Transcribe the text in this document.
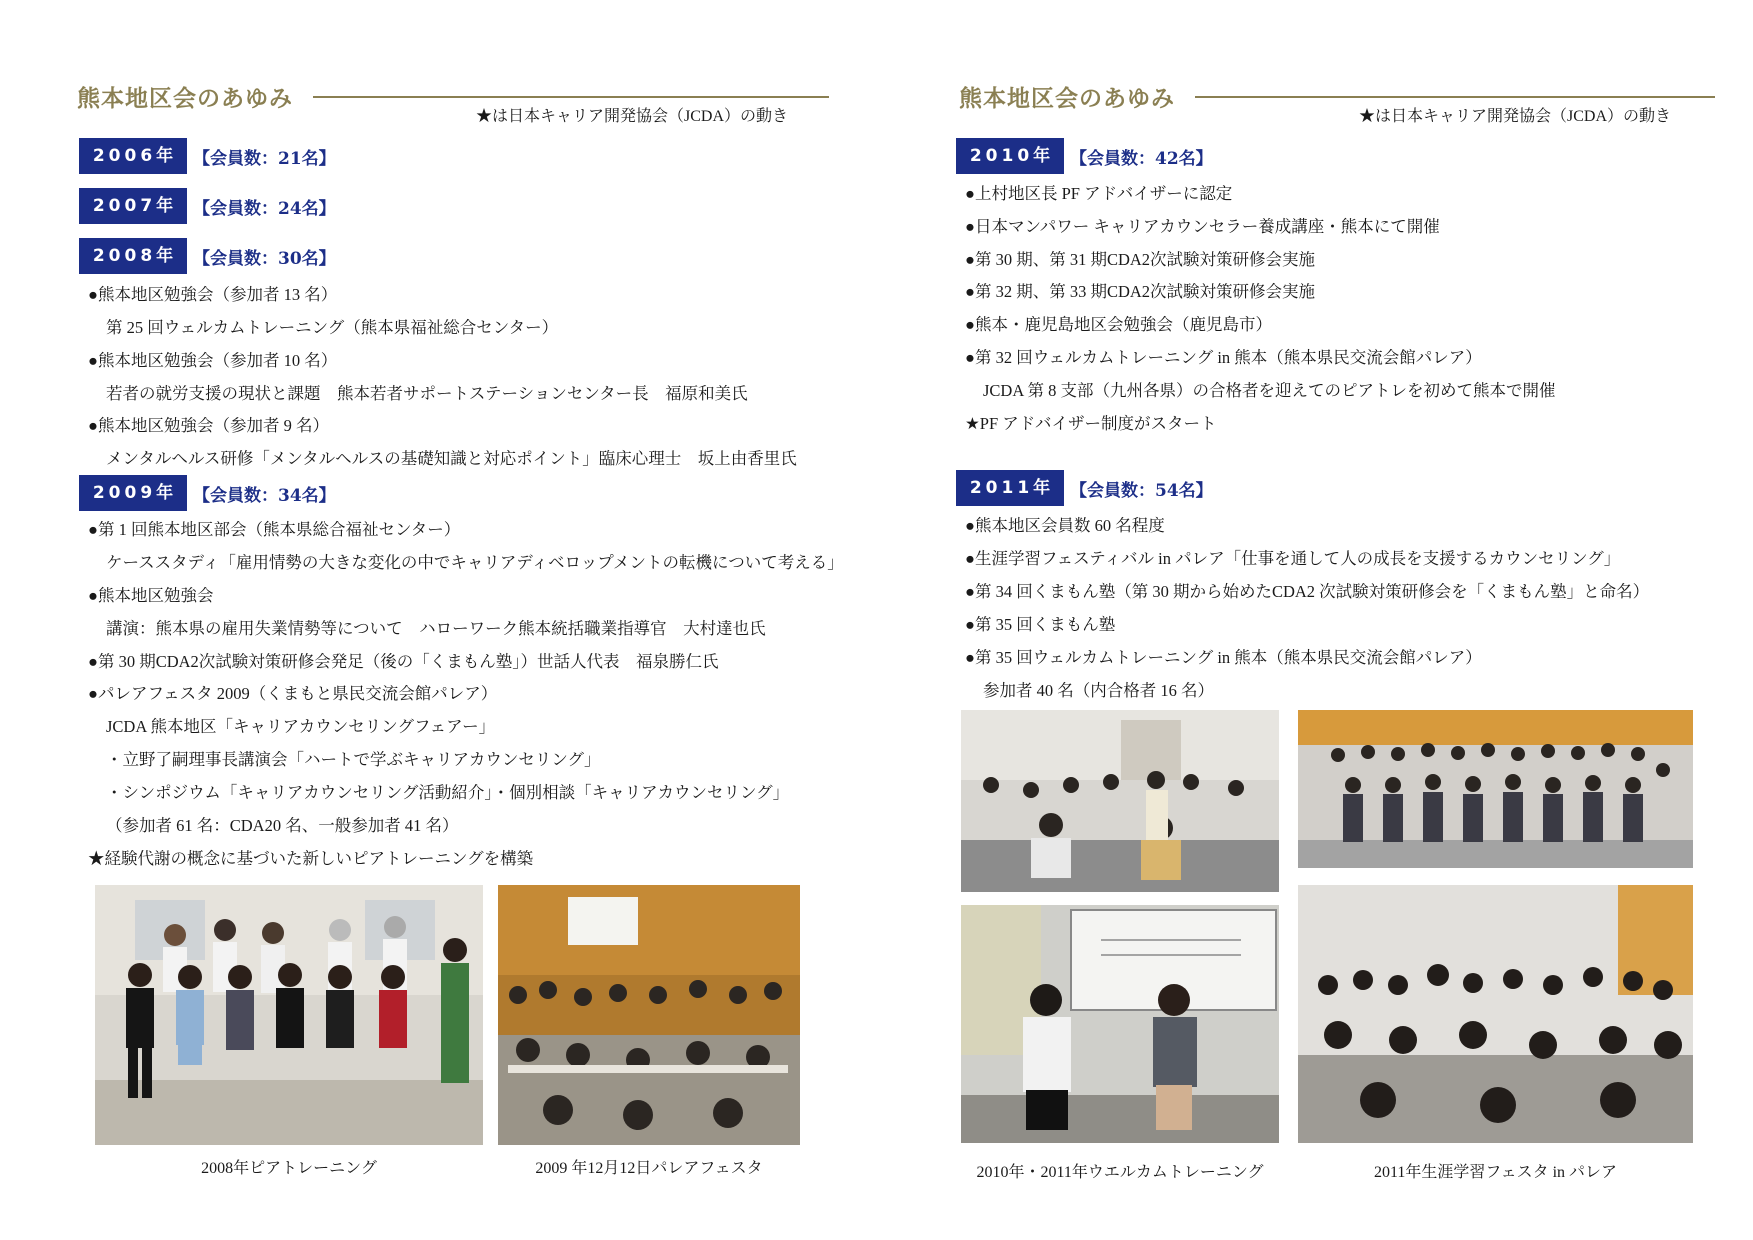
熊本地区会のあゆみ
★は日本キャリア開発協会（JCDA）の動き
2006年 【会員数：21名】
2007年 【会員数：24名】
2008年 【会員数：30名】
●熊本地区勉強会（参加者 13 名）
第 25 回ウェルカムトレーニング（熊本県福祉総合センター）
●熊本地区勉強会（参加者 10 名）
若者の就労支援の現状と課題　熊本若者サポートステーションセンター長　福原和美氏
●熊本地区勉強会（参加者 9 名）
メンタルヘルス研修「メンタルヘルスの基礎知識と対応ポイント」臨床心理士　坂上由香里氏
2009年 【会員数：34名】
●第 1 回熊本地区部会（熊本県総合福祉センター）
ケーススタディ「雇用情勢の大きな変化の中でキャリアディベロップメントの転機について考える」
●熊本地区勉強会
講演：熊本県の雇用失業情勢等について　ハローワーク熊本統括職業指導官　大村達也氏
●第 30 期CDA2次試験対策研修会発足（後の「くまもん塾」）世話人代表　福泉勝仁氏
●パレアフェスタ 2009（くまもと県民交流会館パレア）
JCDA 熊本地区「キャリアカウンセリングフェアー」
・立野了嗣理事長講演会「ハートで学ぶキャリアカウンセリング」
・シンポジウム「キャリアカウンセリング活動紹介」・個別相談「キャリアカウンセリング」
（参加者 61 名：CDA20 名、一般参加者 41 名）
★経験代謝の概念に基づいた新しいピアトレーニングを構築
2008年ピアトレーニング	2009 年12月12日パレアフェスタ
熊本地区会のあゆみ
★は日本キャリア開発協会（JCDA）の動き
2010年 【会員数：42名】
●上村地区長 PF アドバイザーに認定
●日本マンパワー キャリアカウンセラー養成講座・熊本にて開催
●第 30 期、第 31 期CDA2次試験対策研修会実施
●第 32 期、第 33 期CDA2次試験対策研修会実施
●熊本・鹿児島地区会勉強会（鹿児島市）
●第 32 回ウェルカムトレーニング in 熊本（熊本県民交流会館パレア）
JCDA 第 8 支部（九州各県）の合格者を迎えてのピアトレを初めて熊本で開催
★PF アドバイザー制度がスタート
2011年 【会員数：54名】
●熊本地区会員数 60 名程度
●生涯学習フェスティバル in パレア「仕事を通して人の成長を支援するカウンセリング」
●第 34 回くまもん塾（第 30 期から始めたCDA2 次試験対策研修会を「くまもん塾」と命名）
●第 35 回くまもん塾
●第 35 回ウェルカムトレーニング in 熊本（熊本県民交流会館パレア）
参加者 40 名（内合格者 16 名）
2010年・2011年ウエルカムトレーニング	2011年生涯学習フェスタ in パレア
